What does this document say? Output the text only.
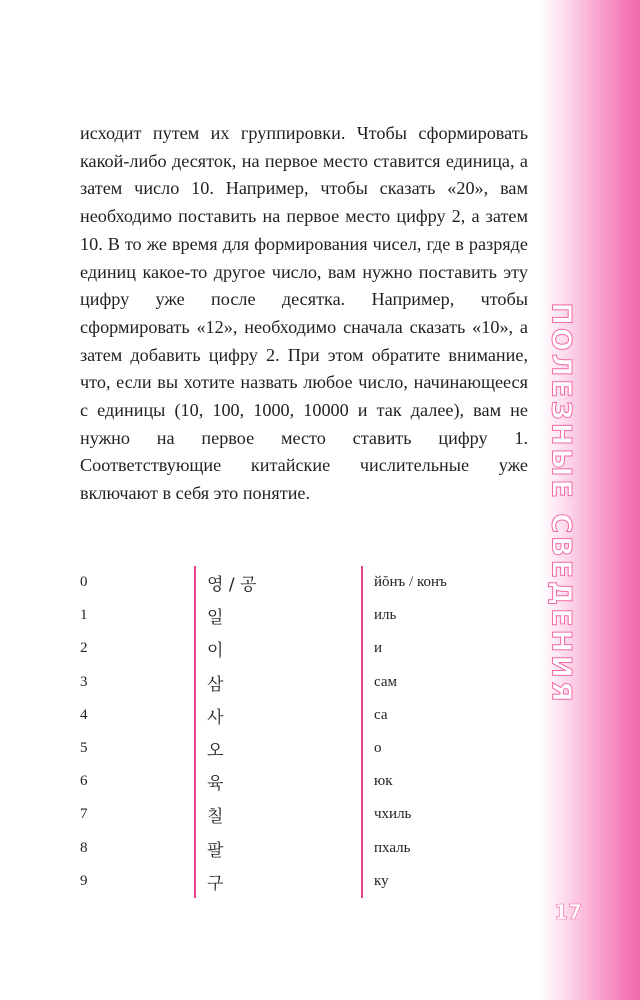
ПОЛЕЗНЫЕ СВЕДЕНИЯ
17

исходит путем их группировки. Чтобы сформировать какой-либо десяток, на первое место ставится единица, а затем число 10. Например, чтобы сказать «20», вам необходимо поставить на первое место цифру 2, а затем 10. В то же время для формирования чисел, где в разряде единиц какое-то другое число, вам нужно поставить эту цифру уже после десятка. Например, чтобы сформировать «12», необходимо сначала сказать «10», а затем добавить цифру 2. При этом обратите внимание, что, если вы хотите назвать любое число, начинающееся с единицы (10, 100, 1000, 10000 и так далее), вам не нужно на первое место ставить цифру 1. Соответствующие китайские числительные уже включают в себя это понятие.

0	영 / 공	йŏнъ / конъ
1	일	иль
2	이	и
3	삼	сам
4	사	са
5	오	о
6	육	юк
7	칠	чхиль
8	팔	пхаль
9	구	ку
